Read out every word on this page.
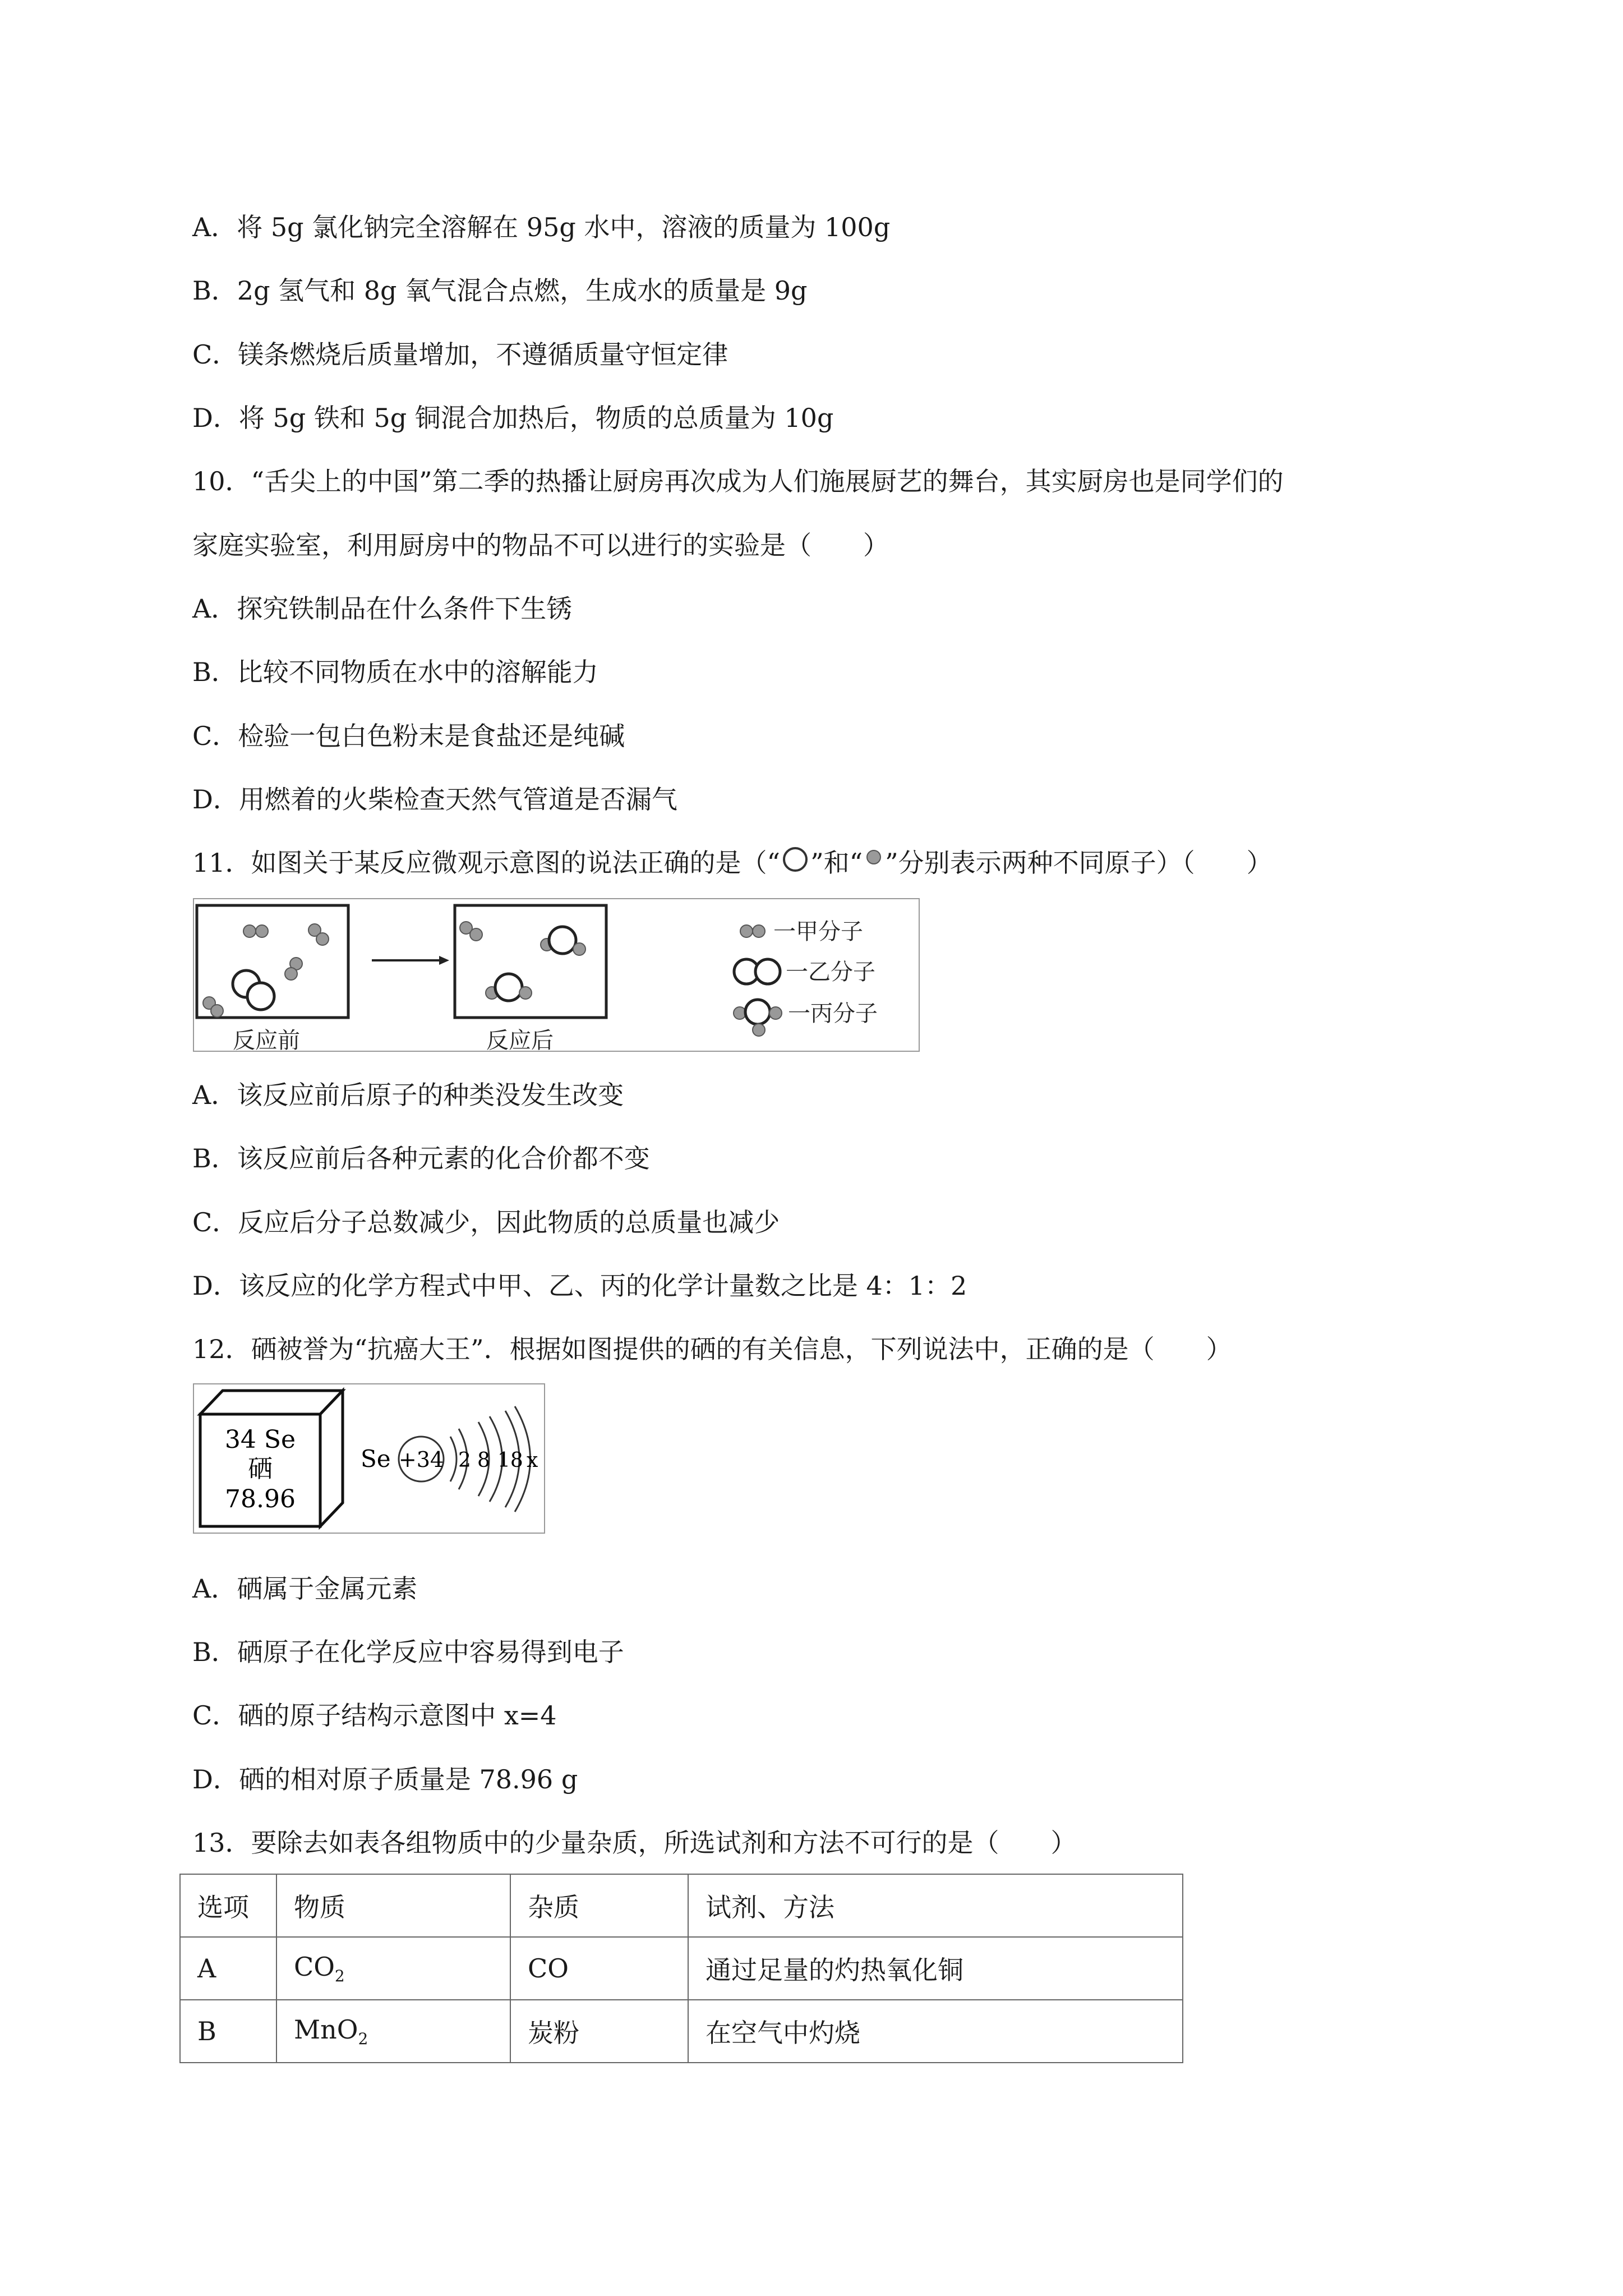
A．将 5g 氯化钠完全溶解在 95g 水中，溶液的质量为 100g
B．2g 氢气和 8g 氧气混合点燃，生成水的质量是 9g
C．镁条燃烧后质量增加，不遵循质量守恒定律
D．将 5g 铁和 5g 铜混合加热后，物质的总质量为 10g
10．“舌尖上的中国”第二季的热播让厨房再次成为人们施展厨艺的舞台，其实厨房也是同学们的
家庭实验室，利用厨房中的物品不可以进行的实验是（　　）
A．探究铁制品在什么条件下生锈
B．比较不同物质在水中的溶解能力
C．检验一包白色粉末是食盐还是纯碱
D．用燃着的火柴检查天然气管道是否漏气
11．如图关于某反应微观示意图的说法正确的是（“ ”和“ ”分别表示两种不同原子）（　　）
反应前	反应后
一甲分子
一乙分子
一丙分子
A．该反应前后原子的种类没发生改变
B．该反应前后各种元素的化合价都不变
C．反应后分子总数减少，因此物质的总质量也减少
D．该反应的化学方程式中甲、乙、丙的化学计量数之比是 4：1：2
12．硒被誉为“抗癌大王”．根据如图提供的硒的有关信息，下列说法中，正确的是（　　）
34 Se
硒
78.96
Se +34 2 8 18 x
A．硒属于金属元素
B．硒原子在化学反应中容易得到电子
C．硒的原子结构示意图中 x=4
D．硒的相对原子质量是 78.96 g
13．要除去如表各组物质中的少量杂质，所选试剂和方法不可行的是（　　）
选项	物质	杂质	试剂、方法
A	$CO_2$	CO	通过足量的灼热氧化铜
B	MnO$_2$	炭粉	在空气中灼烧
